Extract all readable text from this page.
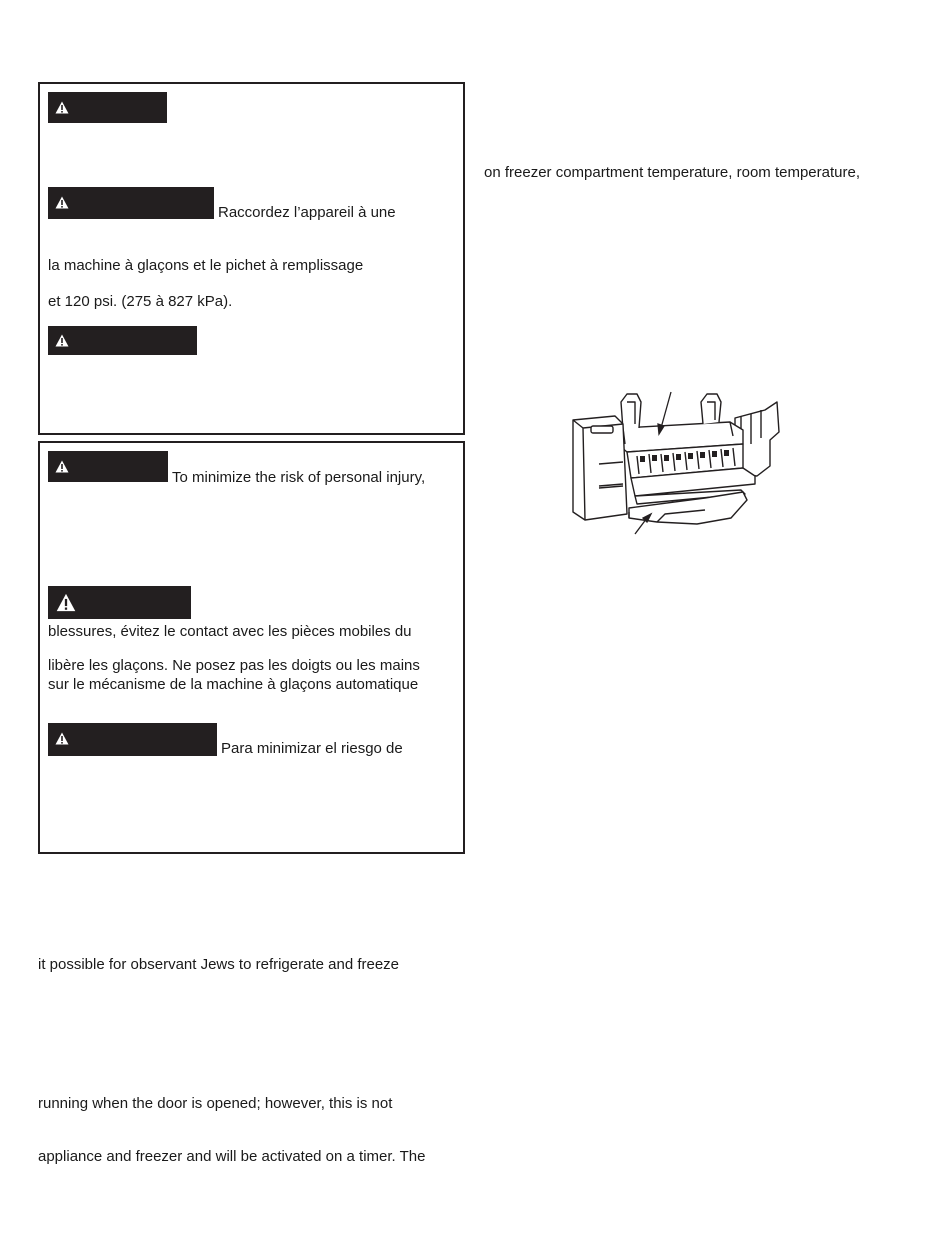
Raccordez l’appareil à une
la machine à glaçons et le pichet à remplissage
et 120 psi. (275 à 827 kPa).
To minimize the risk of personal injury,
blessures, évitez le contact avec les pièces mobiles du
libère les glaçons. Ne posez pas les doigts ou les mains
sur le mécanisme de la machine à glaçons automatique
Para minimizar el riesgo de
it possible for observant Jews to refrigerate and freeze
running when the door is opened; however, this is not
appliance and freezer and will be activated on a timer. The
on freezer compartment temperature, room temperature,
